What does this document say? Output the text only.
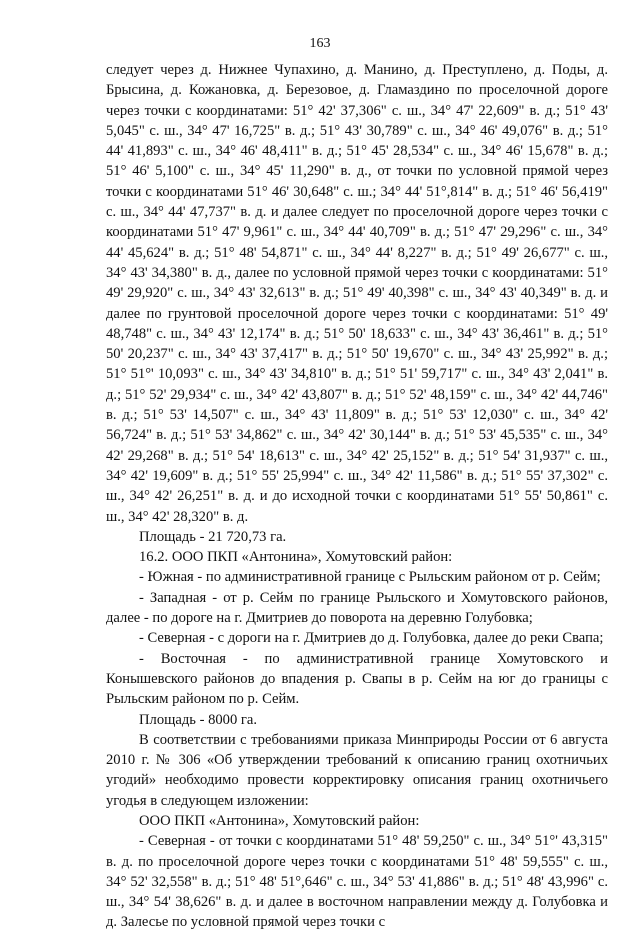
163

следует через д. Нижнее Чупахино, д. Манино, д. Преступлено, д. Поды, д. Брысина, д. Кожановка, д. Березовое, д. Гламаздино по проселочной дороге через точки с координатами: 51° 42' 37,306" с. ш., 34° 47' 22,609" в. д.; 51° 43' 5,045" с. ш., 34° 47' 16,725" в. д.; 51° 43' 30,789" с. ш., 34° 46' 49,076" в. д.; 51° 44' 41,893" с. ш., 34° 46' 48,411" в. д.; 51° 45' 28,534" с. ш., 34° 46' 15,678" в. д.; 51° 46' 5,100" с. ш., 34° 45' 11,290" в. д., от точки по условной прямой через точки с координатами 51° 46' 30,648" с. ш.; 34° 44' 51°,814" в. д.; 51° 46' 56,419" с. ш., 34° 44' 47,737" в. д. и далее следует по проселочной дороге через точки с координатами 51° 47' 9,961" с. ш., 34° 44' 40,709" в. д.; 51° 47' 29,296" с. ш., 34° 44' 45,624" в. д.; 51° 48' 54,871" с. ш., 34° 44' 8,227" в. д.; 51° 49' 26,677" с. ш., 34° 43' 34,380" в. д., далее по условной прямой через точки с координатами: 51° 49' 29,920" с. ш., 34° 43' 32,613" в. д.; 51° 49' 40,398" с. ш., 34° 43' 40,349" в. д. и далее по грунтовой проселочной дороге через точки с координатами: 51° 49' 48,748" с. ш., 34° 43' 12,174" в. д.; 51° 50' 18,633" с. ш., 34° 43' 36,461" в. д.; 51° 50' 20,237" с. ш., 34° 43' 37,417" в. д.; 51° 50' 19,670" с. ш., 34° 43' 25,992" в. д.; 51° 51°' 10,093" с. ш., 34° 43' 34,810" в. д.; 51° 51' 59,717" с. ш., 34° 43' 2,041" в. д.; 51° 52' 29,934" с. ш., 34° 42' 43,807" в. д.; 51° 52' 48,159" с. ш., 34° 42' 44,746" в. д.; 51° 53' 14,507" с. ш., 34° 43' 11,809" в. д.; 51° 53' 12,030" с. ш., 34° 42' 56,724" в. д.; 51° 53' 34,862" с. ш., 34° 42' 30,144" в. д.; 51° 53' 45,535" с. ш., 34° 42' 29,268" в. д.; 51° 54' 18,613" с. ш., 34° 42' 25,152" в. д.; 51° 54' 31,937" с. ш., 34° 42' 19,609" в. д.; 51° 55' 25,994" с. ш., 34° 42' 11,586" в. д.; 51° 55' 37,302" с. ш., 34° 42' 26,251" в. д. и до исходной точки с координатами 51° 55' 50,861" с. ш., 34° 42' 28,320" в. д.

Площадь - 21 720,73 га.

16.2. ООО ПКП «Антонина», Хомутовский район:

- Южная - по административной границе с Рыльским районом от р. Сейм;

- Западная - от р. Сейм по границе Рыльского и Хомутовского районов, далее - по дороге на г. Дмитриев до поворота на деревню Голубовка;

- Северная - с дороги на г. Дмитриев до д. Голубовка, далее до реки Свапа;

- Восточная - по административной границе Хомутовского и Конышевского районов до впадения р. Свапы в р. Сейм на юг до границы с Рыльским районом по р. Сейм.

Площадь - 8000 га.

В соответствии с требованиями приказа Минприроды России от 6 августа 2010 г. № 306 «Об утверждении требований к описанию границ охотничьих угодий» необходимо провести корректировку описания границ охотничьего угодья в следующем изложении:

ООО ПКП «Антонина», Хомутовский район:

- Северная - от точки с координатами 51° 48' 59,250" с. ш., 34° 51°' 43,315" в. д. по проселочной дороге через точки с координатами 51° 48' 59,555" с. ш., 34° 52' 32,558" в. д.; 51° 48' 51°,646" с. ш., 34° 53' 41,886" в. д.; 51° 48' 43,996" с. ш., 34° 54' 38,626" в. д. и далее в восточном направлении между д. Голубовка и д. Залесье по условной прямой через точки с
